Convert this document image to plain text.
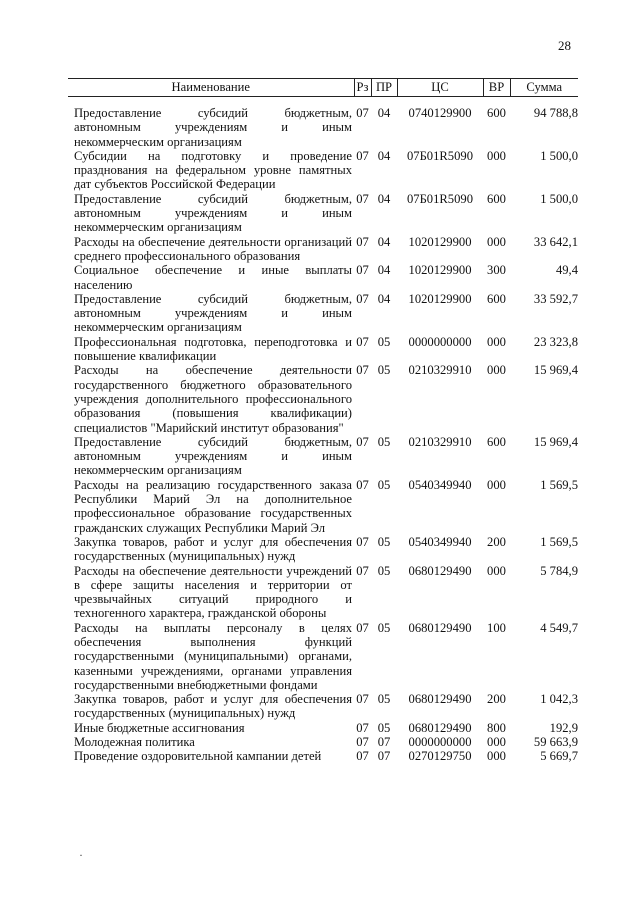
28
Наименование	Рз	ПР	ЦС	ВР	Сумма
Предоставление субсидий бюджетным, автономным учреждениям и иным некоммерческим организациям	07	04	0740129900	600	94 788,8
Субсидии на подготовку и проведение празднования на федеральном уровне памятных дат субъектов Российской Федерации	07	04	07Б01R5090	000	1 500,0
Предоставление субсидий бюджетным, автономным учреждениям и иным некоммерческим организациям	07	04	07Б01R5090	600	1 500,0
Расходы на обеспечение деятельности организаций среднего профессионального образования	07	04	1020129900	000	33 642,1
Социальное обеспечение и иные выплаты населению	07	04	1020129900	300	49,4
Предоставление субсидий бюджетным, автономным учреждениям и иным некоммерческим организациям	07	04	1020129900	600	33 592,7
Профессиональная подготовка, переподготовка и повышение квалификации	07	05	0000000000	000	23 323,8
Расходы на обеспечение деятельности государственного бюджетного образовательного учреждения дополнительного профессионального образования (повышения квалификации) специалистов "Марийский институт образования"	07	05	0210329910	000	15 969,4
Предоставление субсидий бюджетным, автономным учреждениям и иным некоммерческим организациям	07	05	0210329910	600	15 969,4
Расходы на реализацию государственного заказа Республики Марий Эл на дополнительное профессиональное образование государственных гражданских служащих Республики Марий Эл	07	05	0540349940	000	1 569,5
Закупка товаров, работ и услуг для обеспечения государственных (муниципальных) нужд	07	05	0540349940	200	1 569,5
Расходы на обеспечение деятельности учреждений в сфере защиты населения и территории от чрезвычайных ситуаций природного и техногенного характера, гражданской обороны	07	05	0680129490	000	5 784,9
Расходы на выплаты персоналу в целях обеспечения выполнения функций государственными (муниципальными) органами, казенными учреждениями, органами управления государственными внебюджетными фондами	07	05	0680129490	100	4 549,7
Закупка товаров, работ и услуг для обеспечения государственных (муниципальных) нужд	07	05	0680129490	200	1 042,3
Иные бюджетные ассигнования	07	05	0680129490	800	192,9
Молодежная политика	07	07	0000000000	000	59 663,9
Проведение оздоровительной кампании детей	07	07	0270129750	000	5 669,7
·
